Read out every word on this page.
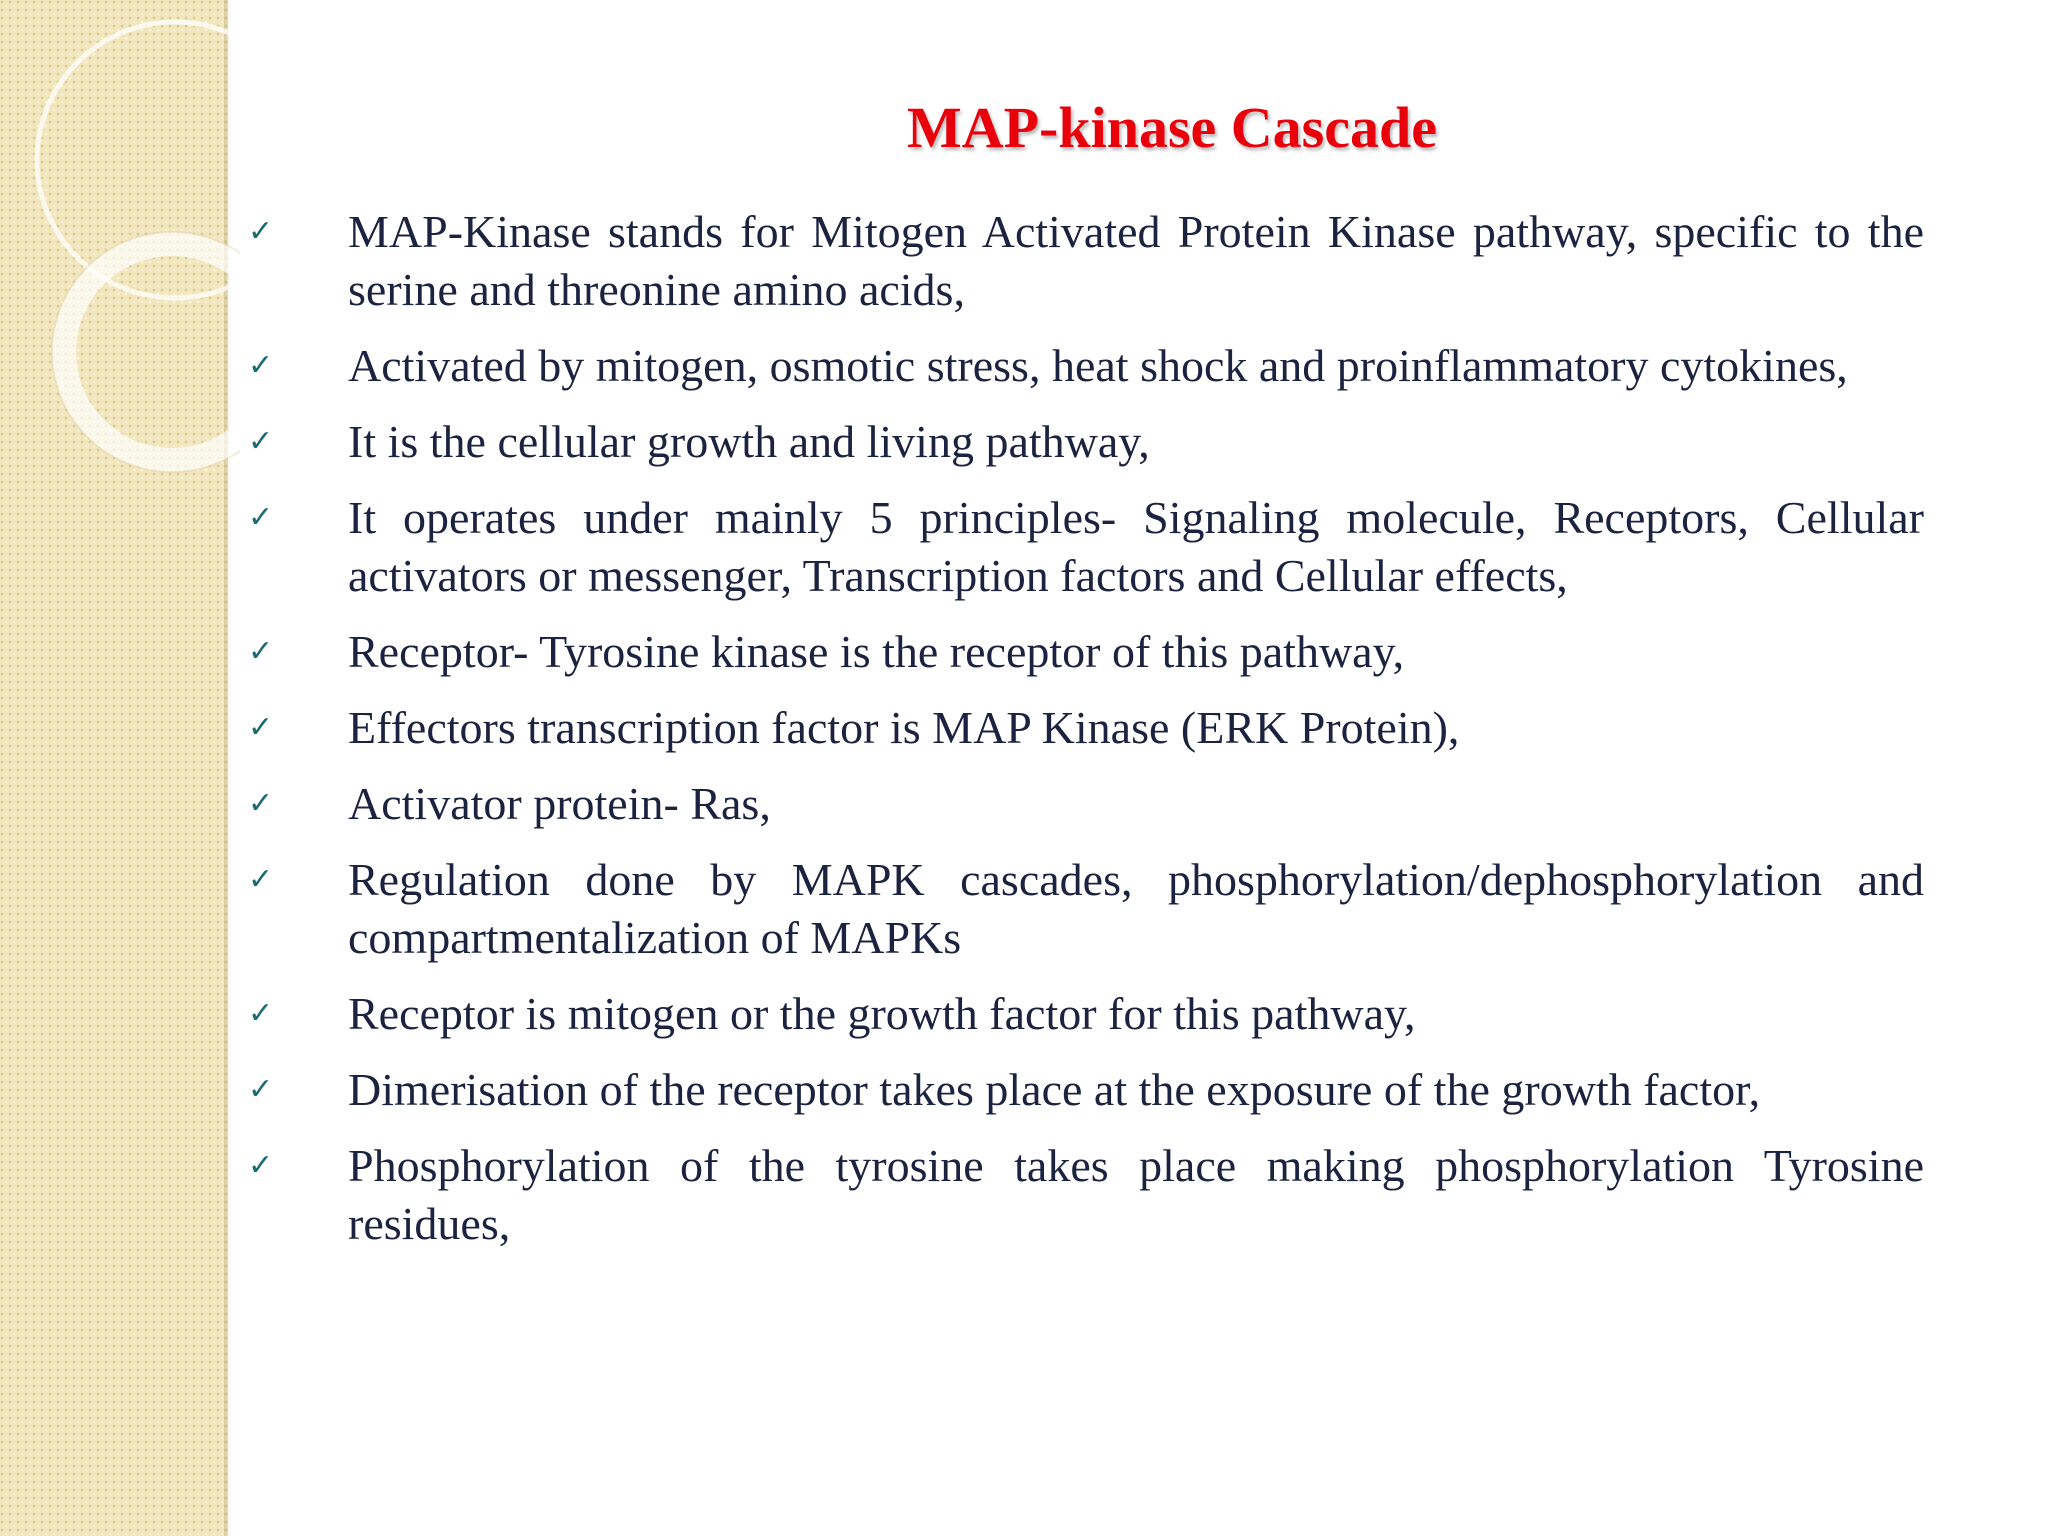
MAP-kinase Cascade
✓	MAP-Kinase stands for Mitogen Activated Protein Kinase pathway, specific to the serine and threonine amino acids,
✓	Activated by mitogen, osmotic stress, heat shock and proinflammatory cytokines,
✓	It is the cellular growth and living pathway,
✓	It operates under mainly 5 principles- Signaling molecule, Receptors, Cellular activators or messenger, Transcription factors and Cellular effects,
✓	Receptor- Tyrosine kinase is the receptor of this pathway,
✓	Effectors transcription factor is MAP Kinase (ERK Protein),
✓	Activator protein- Ras,
✓	Regulation done by MAPK cascades, phosphorylation/dephosphorylation and compartmentalization of MAPKs
✓	Receptor is mitogen or the growth factor for this pathway,
✓	Dimerisation of the receptor takes place at the exposure of the growth factor,
✓	Phosphorylation of the tyrosine takes place making phosphorylation Tyrosine residues,
